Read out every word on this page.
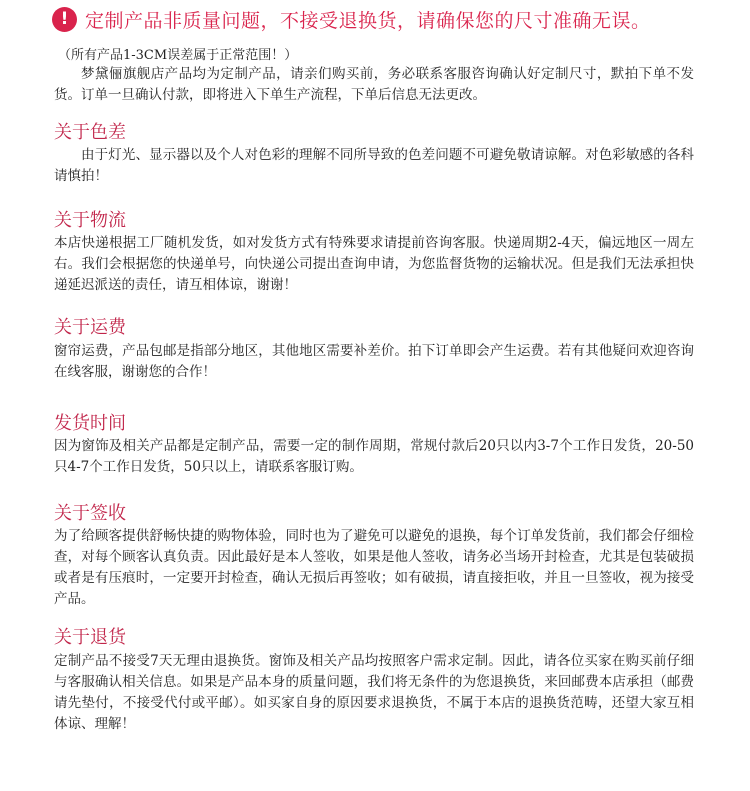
! 定制产品非质量问题，不接受退换货，请确保您的尺寸准确无误。
（所有产品1-3CM误差属于正常范围！）
梦黛俪旗舰店产品均为定制产品，请亲们购买前，务必联系客服咨询确认好定制尺寸，默拍下单不发货。订单一旦确认付款，即将进入下单生产流程，下单后信息无法更改。
关于色差
由于灯光、显示器以及个人对色彩的理解不同所导致的色差问题不可避免敬请谅解。对色彩敏感的各科请慎拍！
关于物流
本店快递根据工厂随机发货，如对发货方式有特殊要求请提前咨询客服。快递周期2-4天，偏远地区一周左右。我们会根据您的快递单号，向快递公司提出查询申请，为您监督货物的运输状况。但是我们无法承担快递延迟派送的责任，请互相体谅，谢谢！
关于运费
窗帘运费，产品包邮是指部分地区，其他地区需要补差价。拍下订单即会产生运费。若有其他疑问欢迎咨询在线客服，谢谢您的合作！
发货时间
因为窗饰及相关产品都是定制产品，需要一定的制作周期，常规付款后20只以内3-7个工作日发货，20-50只4-7个工作日发货，50只以上，请联系客服订购。
关于签收
为了给顾客提供舒畅快捷的购物体验，同时也为了避免可以避免的退换，每个订单发货前，我们都会仔细检查，对每个顾客认真负责。因此最好是本人签收，如果是他人签收，请务必当场开封检查，尤其是包装破损或者是有压痕时，一定要开封检查，确认无损后再签收；如有破损，请直接拒收，并且一旦签收，视为接受产品。
关于退货
定制产品不接受7天无理由退换货。窗饰及相关产品均按照客户需求定制。因此，请各位买家在购买前仔细与客服确认相关信息。如果是产品本身的质量问题，我们将无条件的为您退换货，来回邮费本店承担（邮费请先垫付，不接受代付或平邮）。如买家自身的原因要求退换货，不属于本店的退换货范畴，还望大家互相体谅、理解！
